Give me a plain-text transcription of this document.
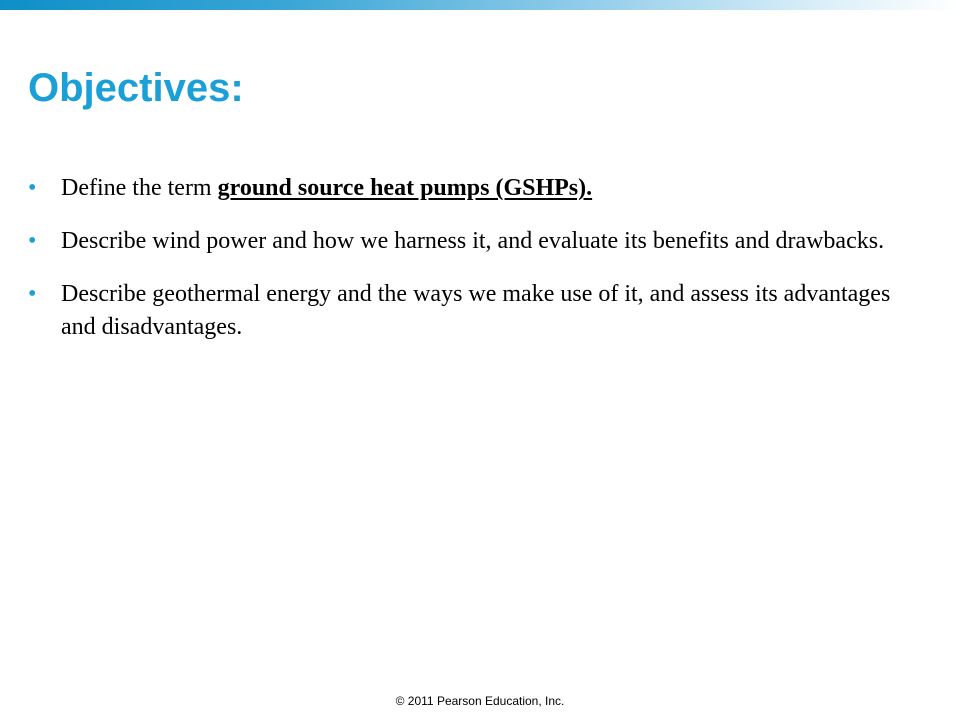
Objectives:
•	Define the term ground source heat pumps (GSHPs).
•	Describe wind power and how we harness it, and evaluate its benefits and drawbacks.
•	Describe geothermal energy and the ways we make use of it, and assess its advantages and disadvantages.
© 2011 Pearson Education, Inc.
